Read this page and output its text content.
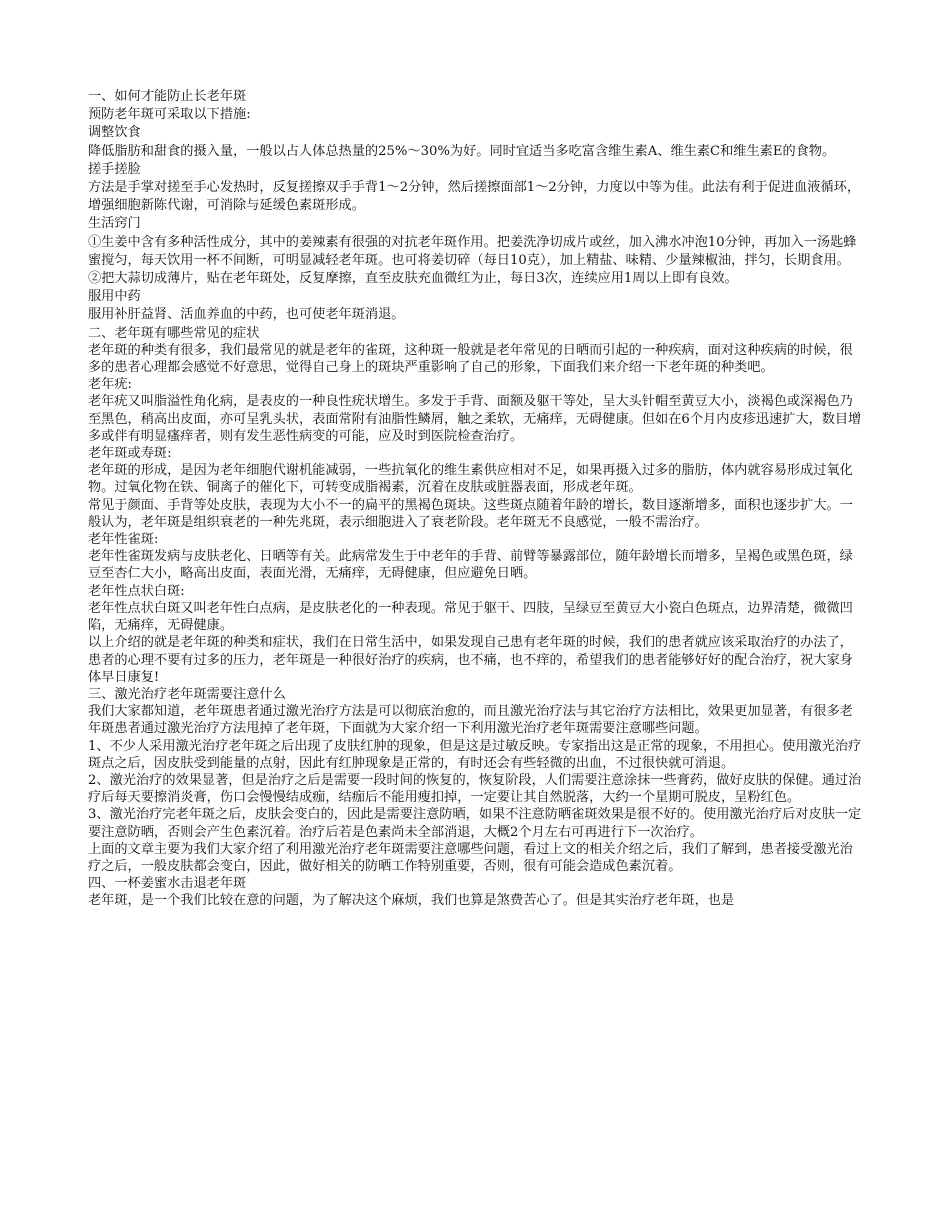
一、如何才能防止长老年斑

预防老年斑可采取以下措施:

调整饮食

降低脂肪和甜食的摄入量，一般以占人体总热量的25%～30%为好。同时宜适当多吃富含维生素A、维生素C和维生素E的食物。

搓手搓脸

方法是手掌对搓至手心发热时，反复搓擦双手手背1～2分钟，然后搓擦面部1～2分钟，力度以中等为佳。此法有利于促进血液循环，增强细胞新陈代谢，可消除与延缓色素斑形成。

生活窍门

①生姜中含有多种活性成分，其中的姜辣素有很强的对抗老年斑作用。把姜洗净切成片或丝，加入沸水冲泡10分钟，再加入一汤匙蜂蜜搅匀，每天饮用一杯不间断，可明显减轻老年斑。也可将姜切碎（每日10克），加上精盐、味精、少量辣椒油，拌匀，长期食用。

②把大蒜切成薄片，贴在老年斑处，反复摩擦，直至皮肤充血微红为止，每日3次，连续应用1周以上即有良效。

服用中药

服用补肝益肾、活血养血的中药，也可使老年斑消退。

二、老年斑有哪些常见的症状

老年斑的种类有很多，我们最常见的就是老年的雀斑，这种斑一般就是老年常见的日晒而引起的一种疾病，面对这种疾病的时候，很多的患者心理都会感觉不好意思，觉得自己身上的斑块严重影响了自己的形象，下面我们来介绍一下老年斑的种类吧。

老年疣:

老年疣又叫脂溢性角化病，是表皮的一种良性疣状增生。多发于手背、面额及躯干等处，呈大头针帽至黄豆大小，淡褐色或深褐色乃至黑色，稍高出皮面，亦可呈乳头状，表面常附有油脂性鳞屑，触之柔软，无痛痒，无碍健康。但如在6个月内皮疹迅速扩大，数目增多或伴有明显瘙痒者，则有发生恶性病变的可能，应及时到医院检查治疗。

老年斑或寿斑:

老年斑的形成，是因为老年细胞代谢机能减弱，一些抗氧化的维生素供应相对不足，如果再摄入过多的脂肪，体内就容易形成过氧化物。过氧化物在铁、铜离子的催化下，可转变成脂褐素，沉着在皮肤或脏器表面，形成老年斑。

常见于颜面、手背等处皮肤，表现为大小不一的扁平的黑褐色斑块。这些斑点随着年龄的增长，数目逐渐增多，面积也逐步扩大。一般认为，老年斑是组织衰老的一种先兆斑，表示细胞进入了衰老阶段。老年斑无不良感觉，一般不需治疗。

老年性雀斑:

老年性雀斑发病与皮肤老化、日晒等有关。此病常发生于中老年的手背、前臂等暴露部位，随年龄增长而增多，呈褐色或黑色斑，绿豆至杏仁大小，略高出皮面，表面光滑，无痛痒，无碍健康，但应避免日晒。

老年性点状白斑:

老年性点状白斑又叫老年性白点病，是皮肤老化的一种表现。常见于躯干、四肢，呈绿豆至黄豆大小瓷白色斑点，边界清楚，微微凹陷，无痛痒，无碍健康。

以上介绍的就是老年斑的种类和症状，我们在日常生活中，如果发现自己患有老年斑的时候，我们的患者就应该采取治疗的办法了，患者的心理不要有过多的压力，老年斑是一种很好治疗的疾病，也不痛，也不痒的，希望我们的患者能够好好的配合治疗，祝大家身体早日康复!

三、激光治疗老年斑需要注意什么

我们大家都知道，老年斑患者通过激光治疗方法是可以彻底治愈的，而且激光治疗法与其它治疗方法相比，效果更加显著，有很多老年斑患者通过激光治疗方法甩掉了老年斑，下面就为大家介绍一下利用激光治疗老年斑需要注意哪些问题。

1、不少人采用激光治疗老年斑之后出现了皮肤红肿的现象，但是这是过敏反映。专家指出这是正常的现象，不用担心。使用激光治疗斑点之后，因皮肤受到能量的点射，因此有红肿现象是正常的，有时还会有些轻微的出血，不过很快就可消退。

2、激光治疗的效果显著，但是治疗之后是需要一段时间的恢复的，恢复阶段，人们需要注意涂抹一些膏药，做好皮肤的保健。通过治疗后每天要擦消炎膏，伤口会慢慢结成痂，结痂后不能用瘦扣掉，一定要让其自然脱落，大约一个星期可脱皮，呈粉红色。

3、激光治疗完老年斑之后，皮肤会变白的，因此是需要注意防晒，如果不注意防晒雀斑效果是很不好的。使用激光治疗后对皮肤一定要注意防晒，否则会产生色素沉着。治疗后若是色素尚未全部消退，大概2个月左右可再进行下一次治疗。

上面的文章主要为我们大家介绍了利用激光治疗老年斑需要注意哪些问题，看过上文的相关介绍之后，我们了解到，患者接受激光治疗之后，一般皮肤都会变白，因此，做好相关的防晒工作特别重要，否则，很有可能会造成色素沉着。

四、一杯姜蜜水击退老年斑

老年斑，是一个我们比较在意的问题，为了解决这个麻烦，我们也算是煞费苦心了。但是其实治疗老年斑，也是
